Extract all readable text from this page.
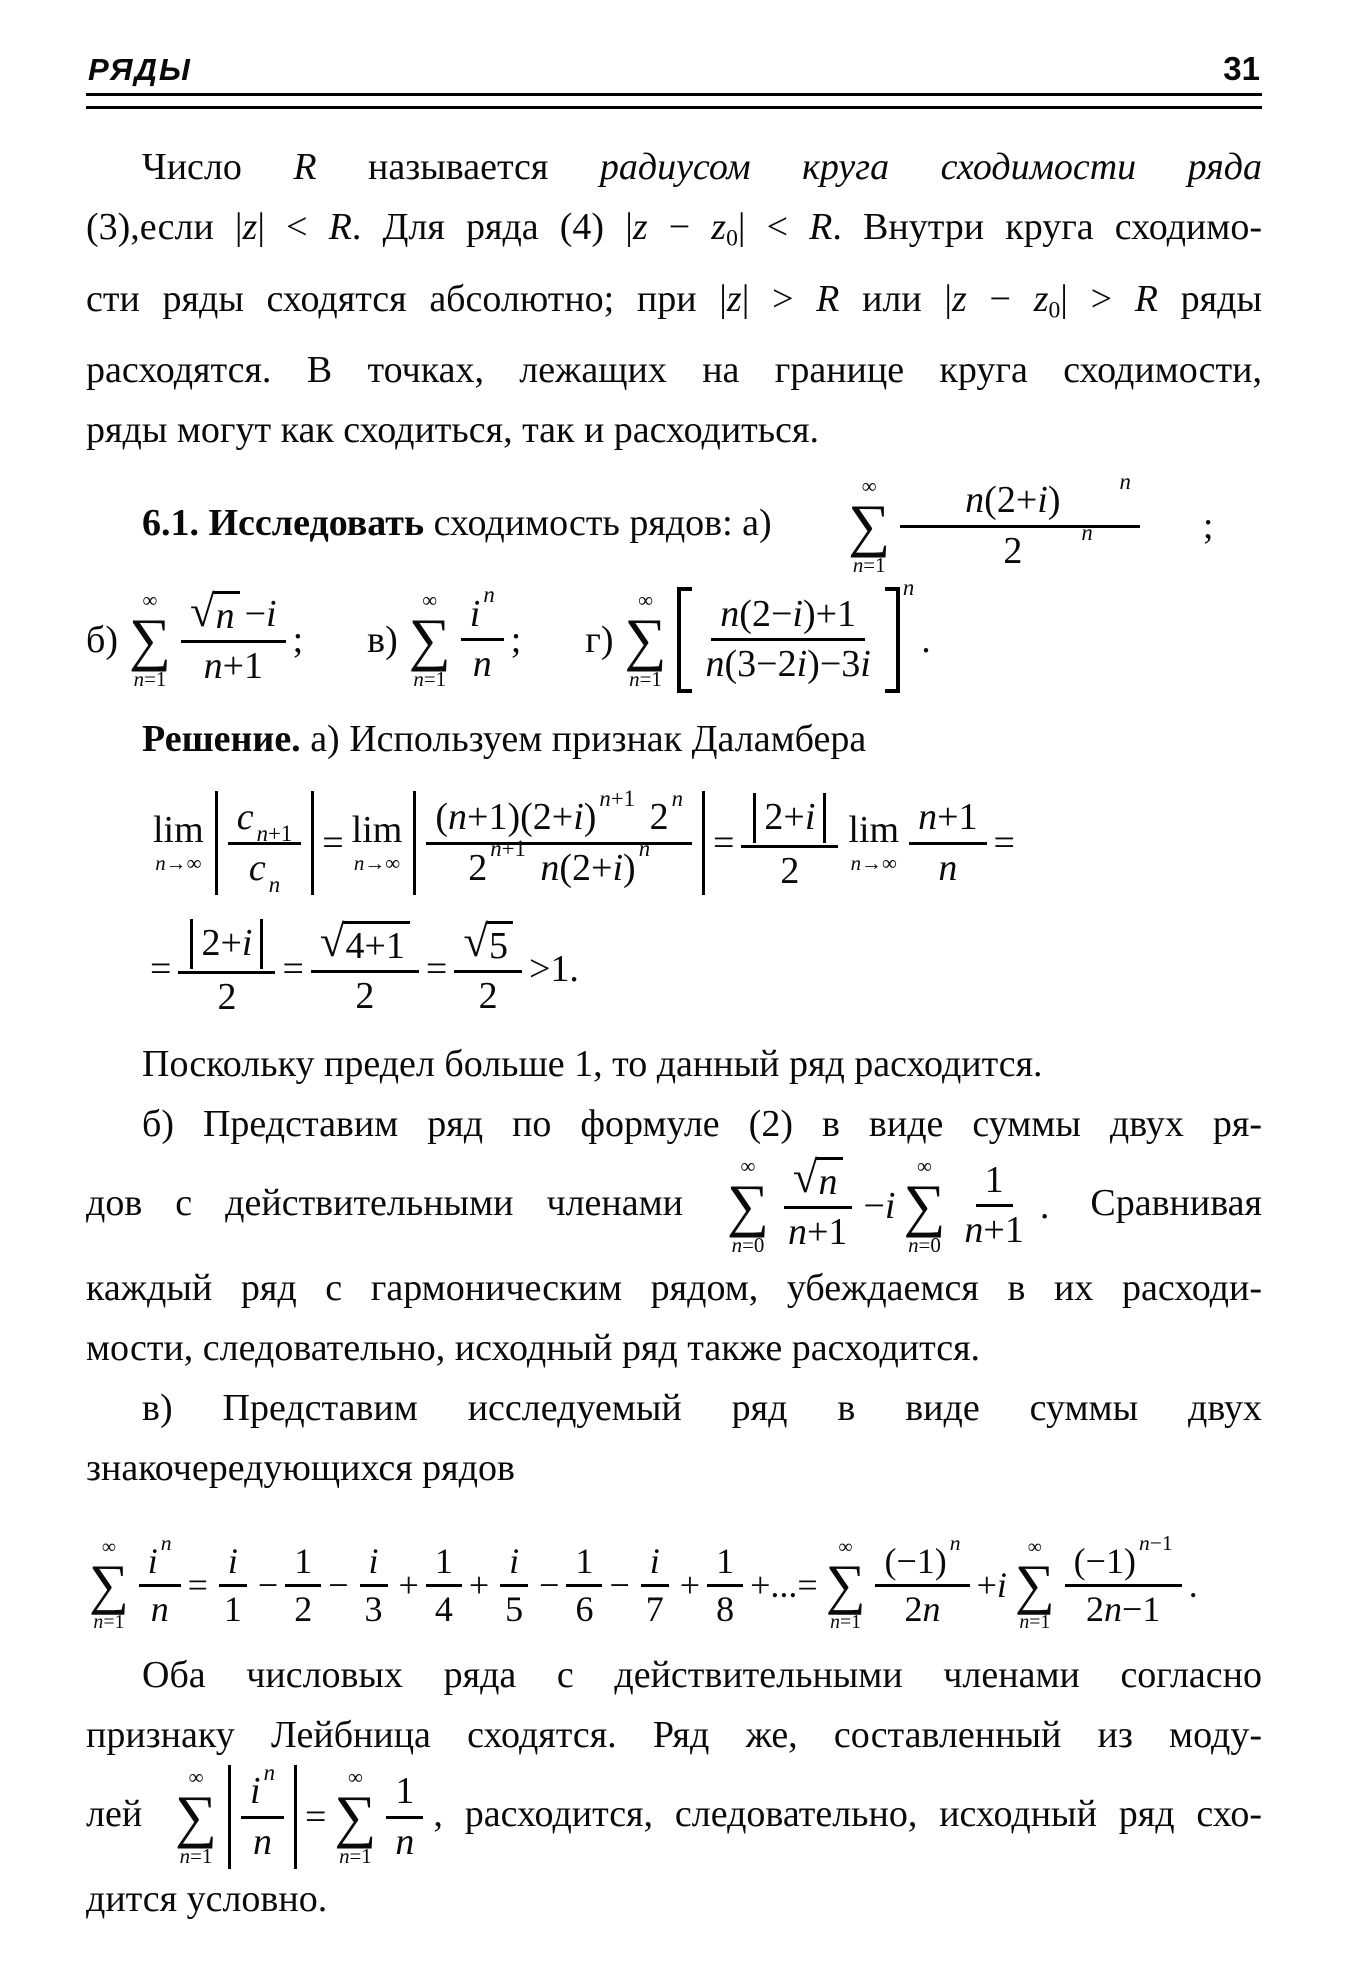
РЯДЫ	31
Число R называется радиусом круга сходимости ряда
(3),если |z| < R. Для ряда (4) |z − z0| < R. Внутри круга сходимо-
сти ряды сходятся абсолютно; при |z| > R или |z − z0| > R ряды
расходятся. В точках, лежащих на границе круга сходимости,
ряды могут как сходиться, так и расходиться.
6.1. Исследовать сходимость рядов: а)
∞
∑
n=1 n(2+i)	n
2	n	;
б)
∞
∑
$n=1 \frac{√ n -i}{n+1}$ ; в)
∞
∑
$n=1 \frac{\text{i n}}{n}$ ; г)
∞
∑
$n=1 \frac{n(2-i)+1}{n(3-2i)-3i}$
n
.
Решение. а) Используем признак Даламбера
lim
$n\to\infty \frac{\text{c n+1}}{\text{c n}} = \lim$
$n\to\infty \frac{(n+1)(2+i) n+1 2 n}{2 n+1 n(2+i) n} = \frac{2+i}{2}$ lim
$n\to\infty \frac{n+1}{n}$ =
= $\frac{2+i}{2} = \frac{√ 4+1}{2} = \frac{√ 5}{2} >1$.
Поскольку предел больше 1, то данный ряд расходится.
б) Представим ряд по формуле (2) в виде суммы двух ря-
дов с действительными членами
∞
∑
$n=0 \frac{√ n}{n+1} -i$
∞
∑
$n=0 \frac{1}{n+1}$ . Сравнивая
каждый ряд с гармоническим рядом, убеждаемся в их расходи-
мости, следовательно, исходный ряд также расходится.
в) Представим исследуемый ряд в виде суммы двух
знакочередующихся рядов
∞
∑
$n=1 \frac{\text{i n}}{n} = \frac{i}{1} - \frac{1}{2} - \frac{i}{3} + \frac{1}{4} + \frac{i}{5} - \frac{1}{6} - \frac{i}{7} + \frac{1}{8}$ +...=
∞
∑
$n=1 \frac{(-1) n}{2n} +i$
∞
∑
$n=1 \frac{(-1) n-1}{2n-1}$ .
Оба числовых ряда с действительными членами согласно
признаку Лейбница сходятся. Ряд же, составленный из моду-
лей
∞
∑
$n=1 \frac{\text{i n}}{n}$ =
∞
∑
$n=1 \frac{1}{n}$ , расходится, следовательно, исходный ряд схо-
дится условно.
